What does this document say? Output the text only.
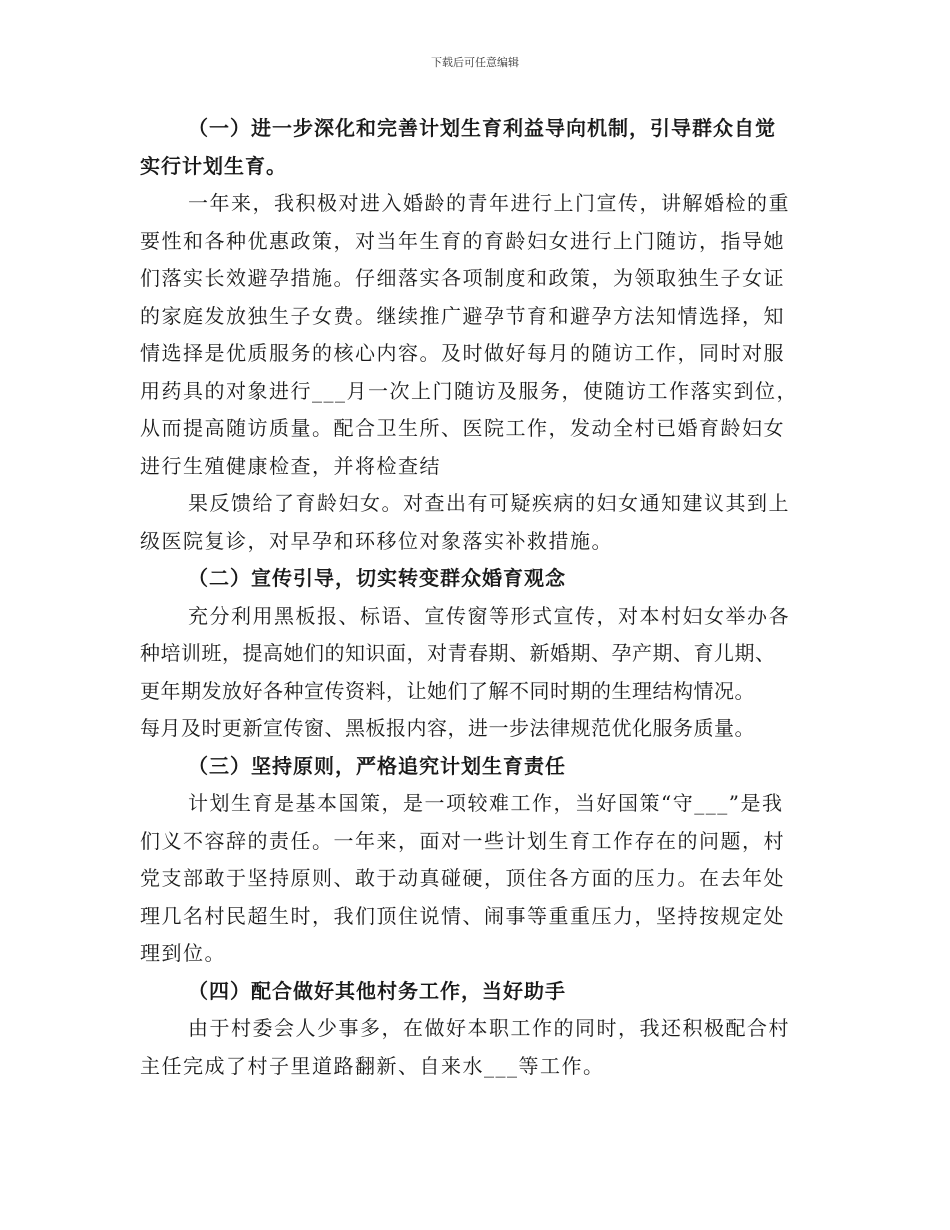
下载后可任意编辑
（一）进一步深化和完善计划生育利益导向机制，引导群众自觉
实行计划生育。
一年来，我积极对进入婚龄的青年进行上门宣传，讲解婚检的重
要性和各种优惠政策，对当年生育的育龄妇女进行上门随访，指导她
们落实长效避孕措施。仔细落实各项制度和政策，为领取独生子女证
的家庭发放独生子女费。继续推广避孕节育和避孕方法知情选择，知
情选择是优质服务的核心内容。及时做好每月的随访工作，同时对服
用药具的对象进行___月一次上门随访及服务，使随访工作落实到位，
从而提高随访质量。配合卫生所、医院工作，发动全村已婚育龄妇女
进行生殖健康检查，并将检查结
果反馈给了育龄妇女。对查出有可疑疾病的妇女通知建议其到上
级医院复诊，对早孕和环移位对象落实补救措施。
（二）宣传引导，切实转变群众婚育观念
充分利用黑板报、标语、宣传窗等形式宣传，对本村妇女举办各
种培训班，提高她们的知识面，对青春期、新婚期、孕产期、育儿期、
更年期发放好各种宣传资料，让她们了解不同时期的生理结构情况。
每月及时更新宣传窗、黑板报内容，进一步法律规范优化服务质量。
（三）坚持原则，严格追究计划生育责任
计划生育是基本国策，是一项较难工作，当好国策“守___”是我
们义不容辞的责任。一年来，面对一些计划生育工作存在的问题，村
党支部敢于坚持原则、敢于动真碰硬，顶住各方面的压力。在去年处
理几名村民超生时，我们顶住说情、闹事等重重压力，坚持按规定处
理到位。
（四）配合做好其他村务工作，当好助手
由于村委会人少事多，在做好本职工作的同时，我还积极配合村
主任完成了村子里道路翻新、自来水___等工作。
